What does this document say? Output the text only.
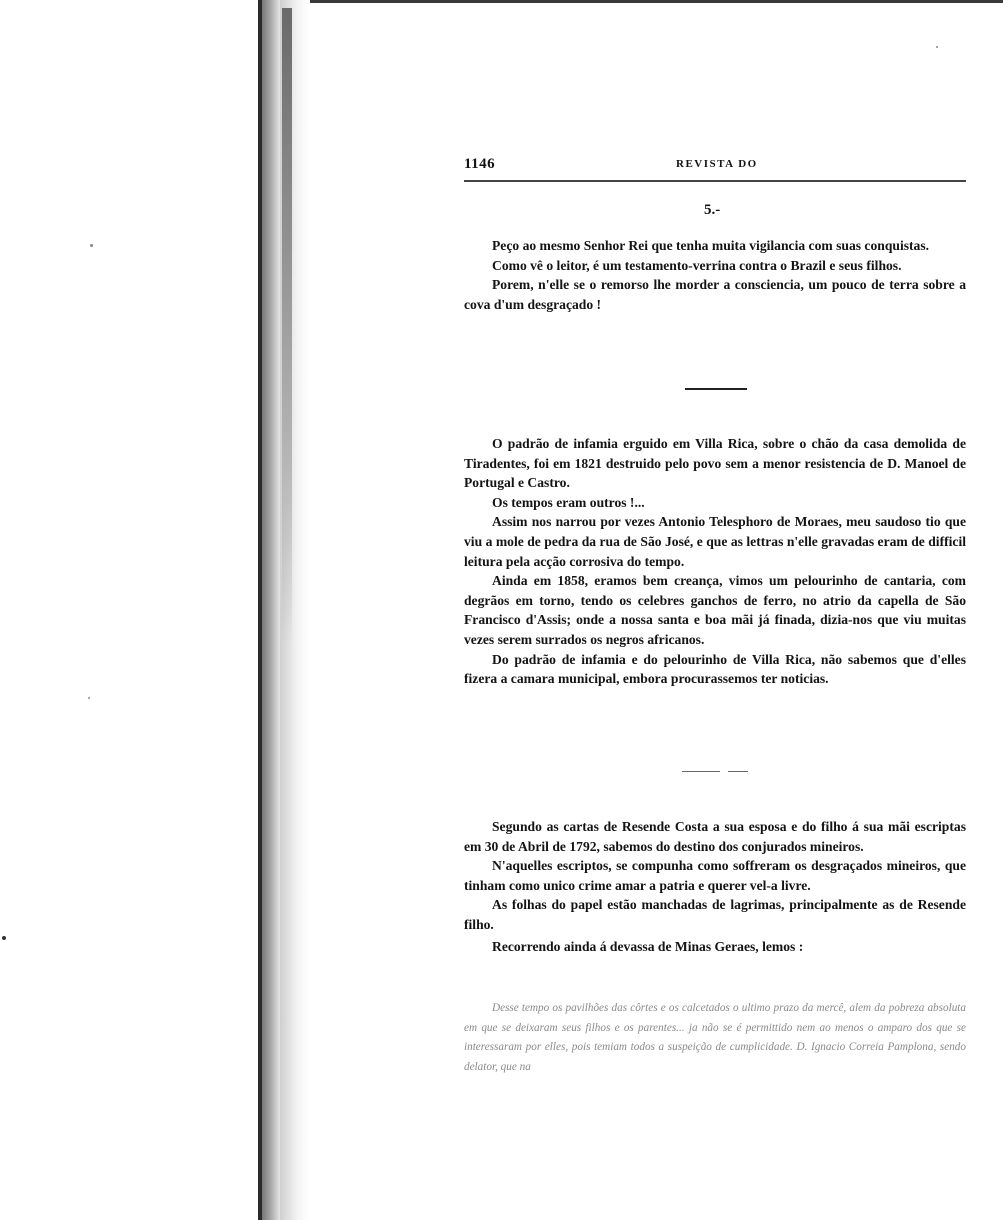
1146	REVISTA DO
5.-

Peço ao mesmo Senhor Rei que tenha muita vigilancia com suas conquistas.

Como vê o leitor, é um testamento-verrina contra o Brazil e seus filhos.

Porem, n'elle se o remorso lhe morder a consciencia, um pouco de terra sobre a cova d'um desgraçado !

O padrão de infamia erguido em Villa Rica, sobre o chão da casa demolida de Tiradentes, foi em 1821 destruido pelo povo sem a menor resistencia de D. Manoel de Portugal e Castro.

Os tempos eram outros !...

Assim nos narrou por vezes Antonio Telesphoro de Moraes, meu saudoso tio que viu a mole de pedra da rua de São José, e que as lettras n'elle gravadas eram de difficil leitura pela acção corrosiva do tempo.

Ainda em 1858, eramos bem creança, vimos um pelourinho de cantaria, com degrãos em torno, tendo os celebres ganchos de ferro, no atrio da capella de São Francisco d'Assis; onde a nossa santa e boa mãi já finada, dizia-nos que viu muitas vezes serem surrados os negros africanos.

Do padrão de infamia e do pelourinho de Villa Rica, não sabemos que d'elles fizera a camara municipal, embora procurassemos ter noticias.

Segundo as cartas de Resende Costa a sua esposa e do filho á sua mãi escriptas em 30 de Abril de 1792, sabemos do destino dos conjurados mineiros.

N'aquelles escriptos, se compunha como soffreram os desgraçados mineiros, que tinham como unico crime amar a patria e querer vel-a livre.

As folhas do papel estão manchadas de lagrimas, principalmente as de Resende filho.

Recorrendo ainda á devassa de Minas Geraes, lemos :

Desse tempo os pavilhões das côrtes e os calcetados o ultimo prazo da mercê, alem da pobreza absoluta em que se deixaram seus filhos e os parentes... ja não se é permittido nem ao menos o amparo dos que se interessaram por elles, pois temiam todos a suspeição de cumplicidade. D. Ignacio Correia Pamplona, sendo delator, que na
